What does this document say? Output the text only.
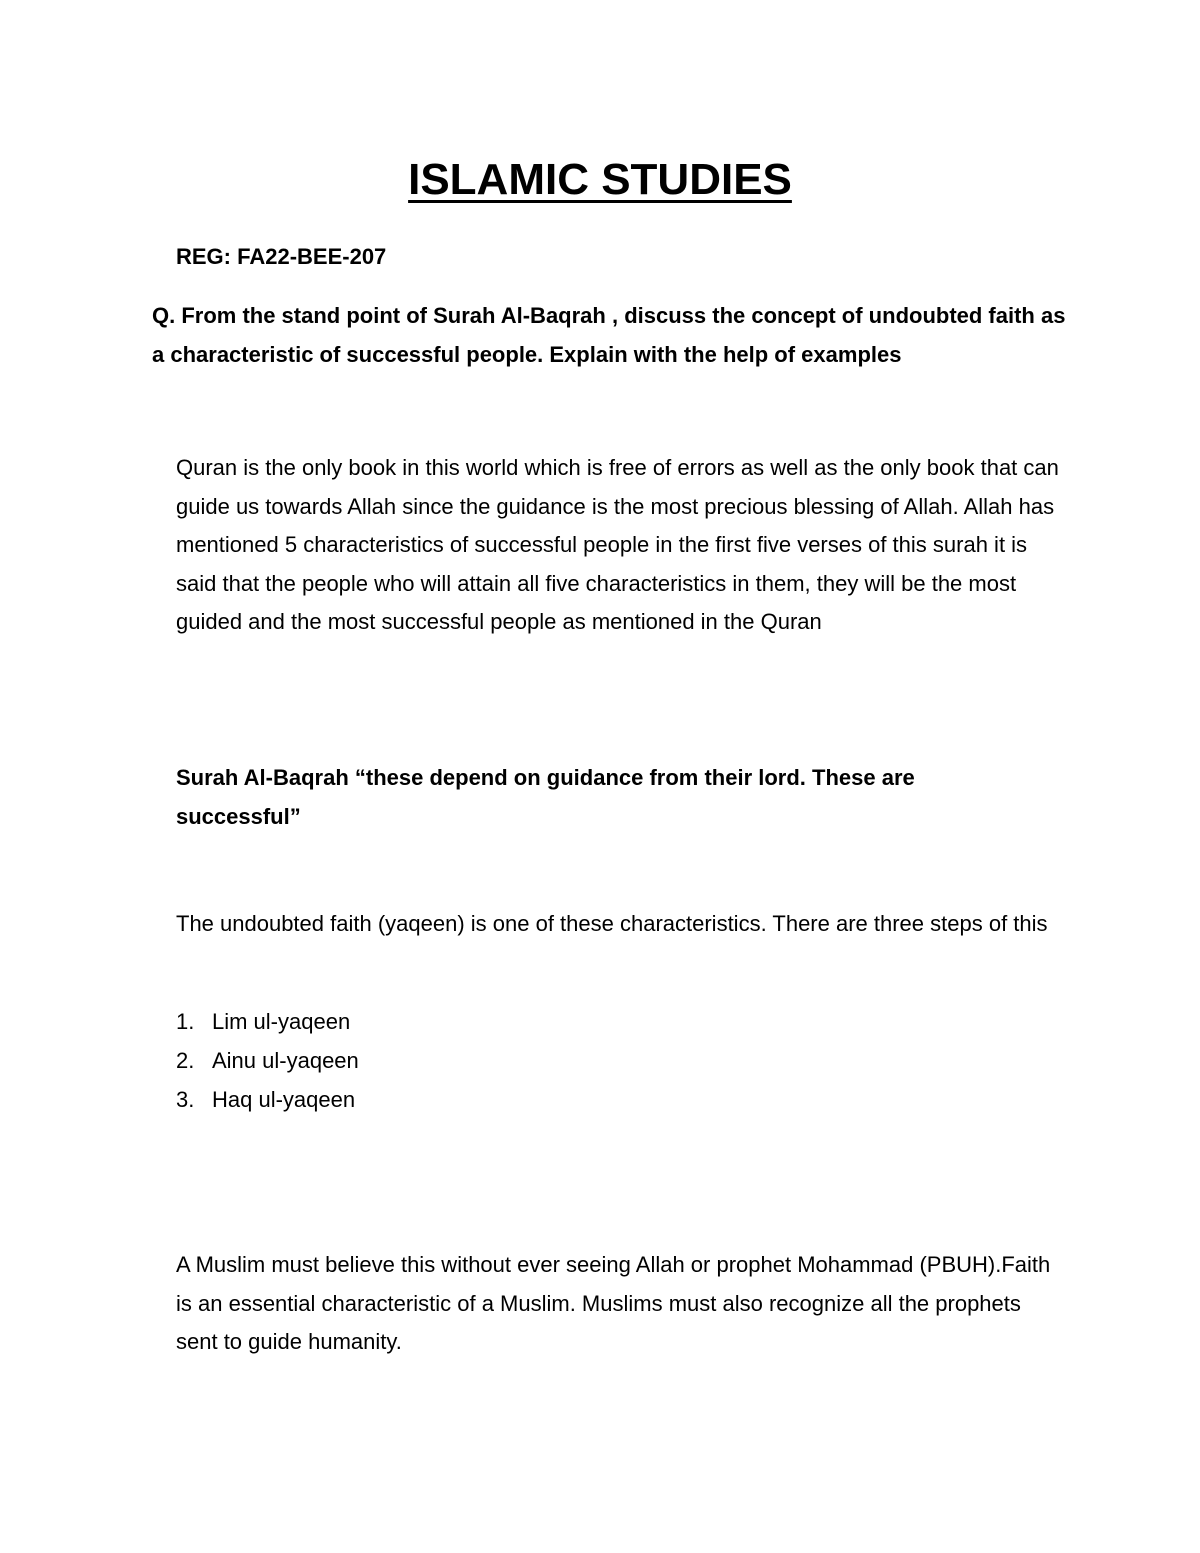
ISLAMIC STUDIES
REG: FA22-BEE-207

Q. From the stand point of Surah Al-Baqrah , discuss the concept of undoubted faith as a characteristic of successful people. Explain with the help of examples

Quran is the only book in this world which is free of errors as well as the only book that can guide us towards Allah since the guidance is the most precious blessing of Allah. Allah has mentioned 5 characteristics of successful people in the first five verses of this surah it is said that the people who will attain all five characteristics in them, they will be the most guided and the most successful people as mentioned in the Quran

Surah Al-Baqrah “these depend on guidance from their lord. These are successful”

The undoubted faith (yaqeen) is one of these characteristics. There are three steps of this

1. Lim ul-yaqeen
2. Ainu ul-yaqeen
3. Haq ul-yaqeen

A Muslim must believe this without ever seeing Allah or prophet Mohammad (PBUH).Faith is an essential characteristic of a Muslim. Muslims must also recognize all the prophets sent to guide humanity.
